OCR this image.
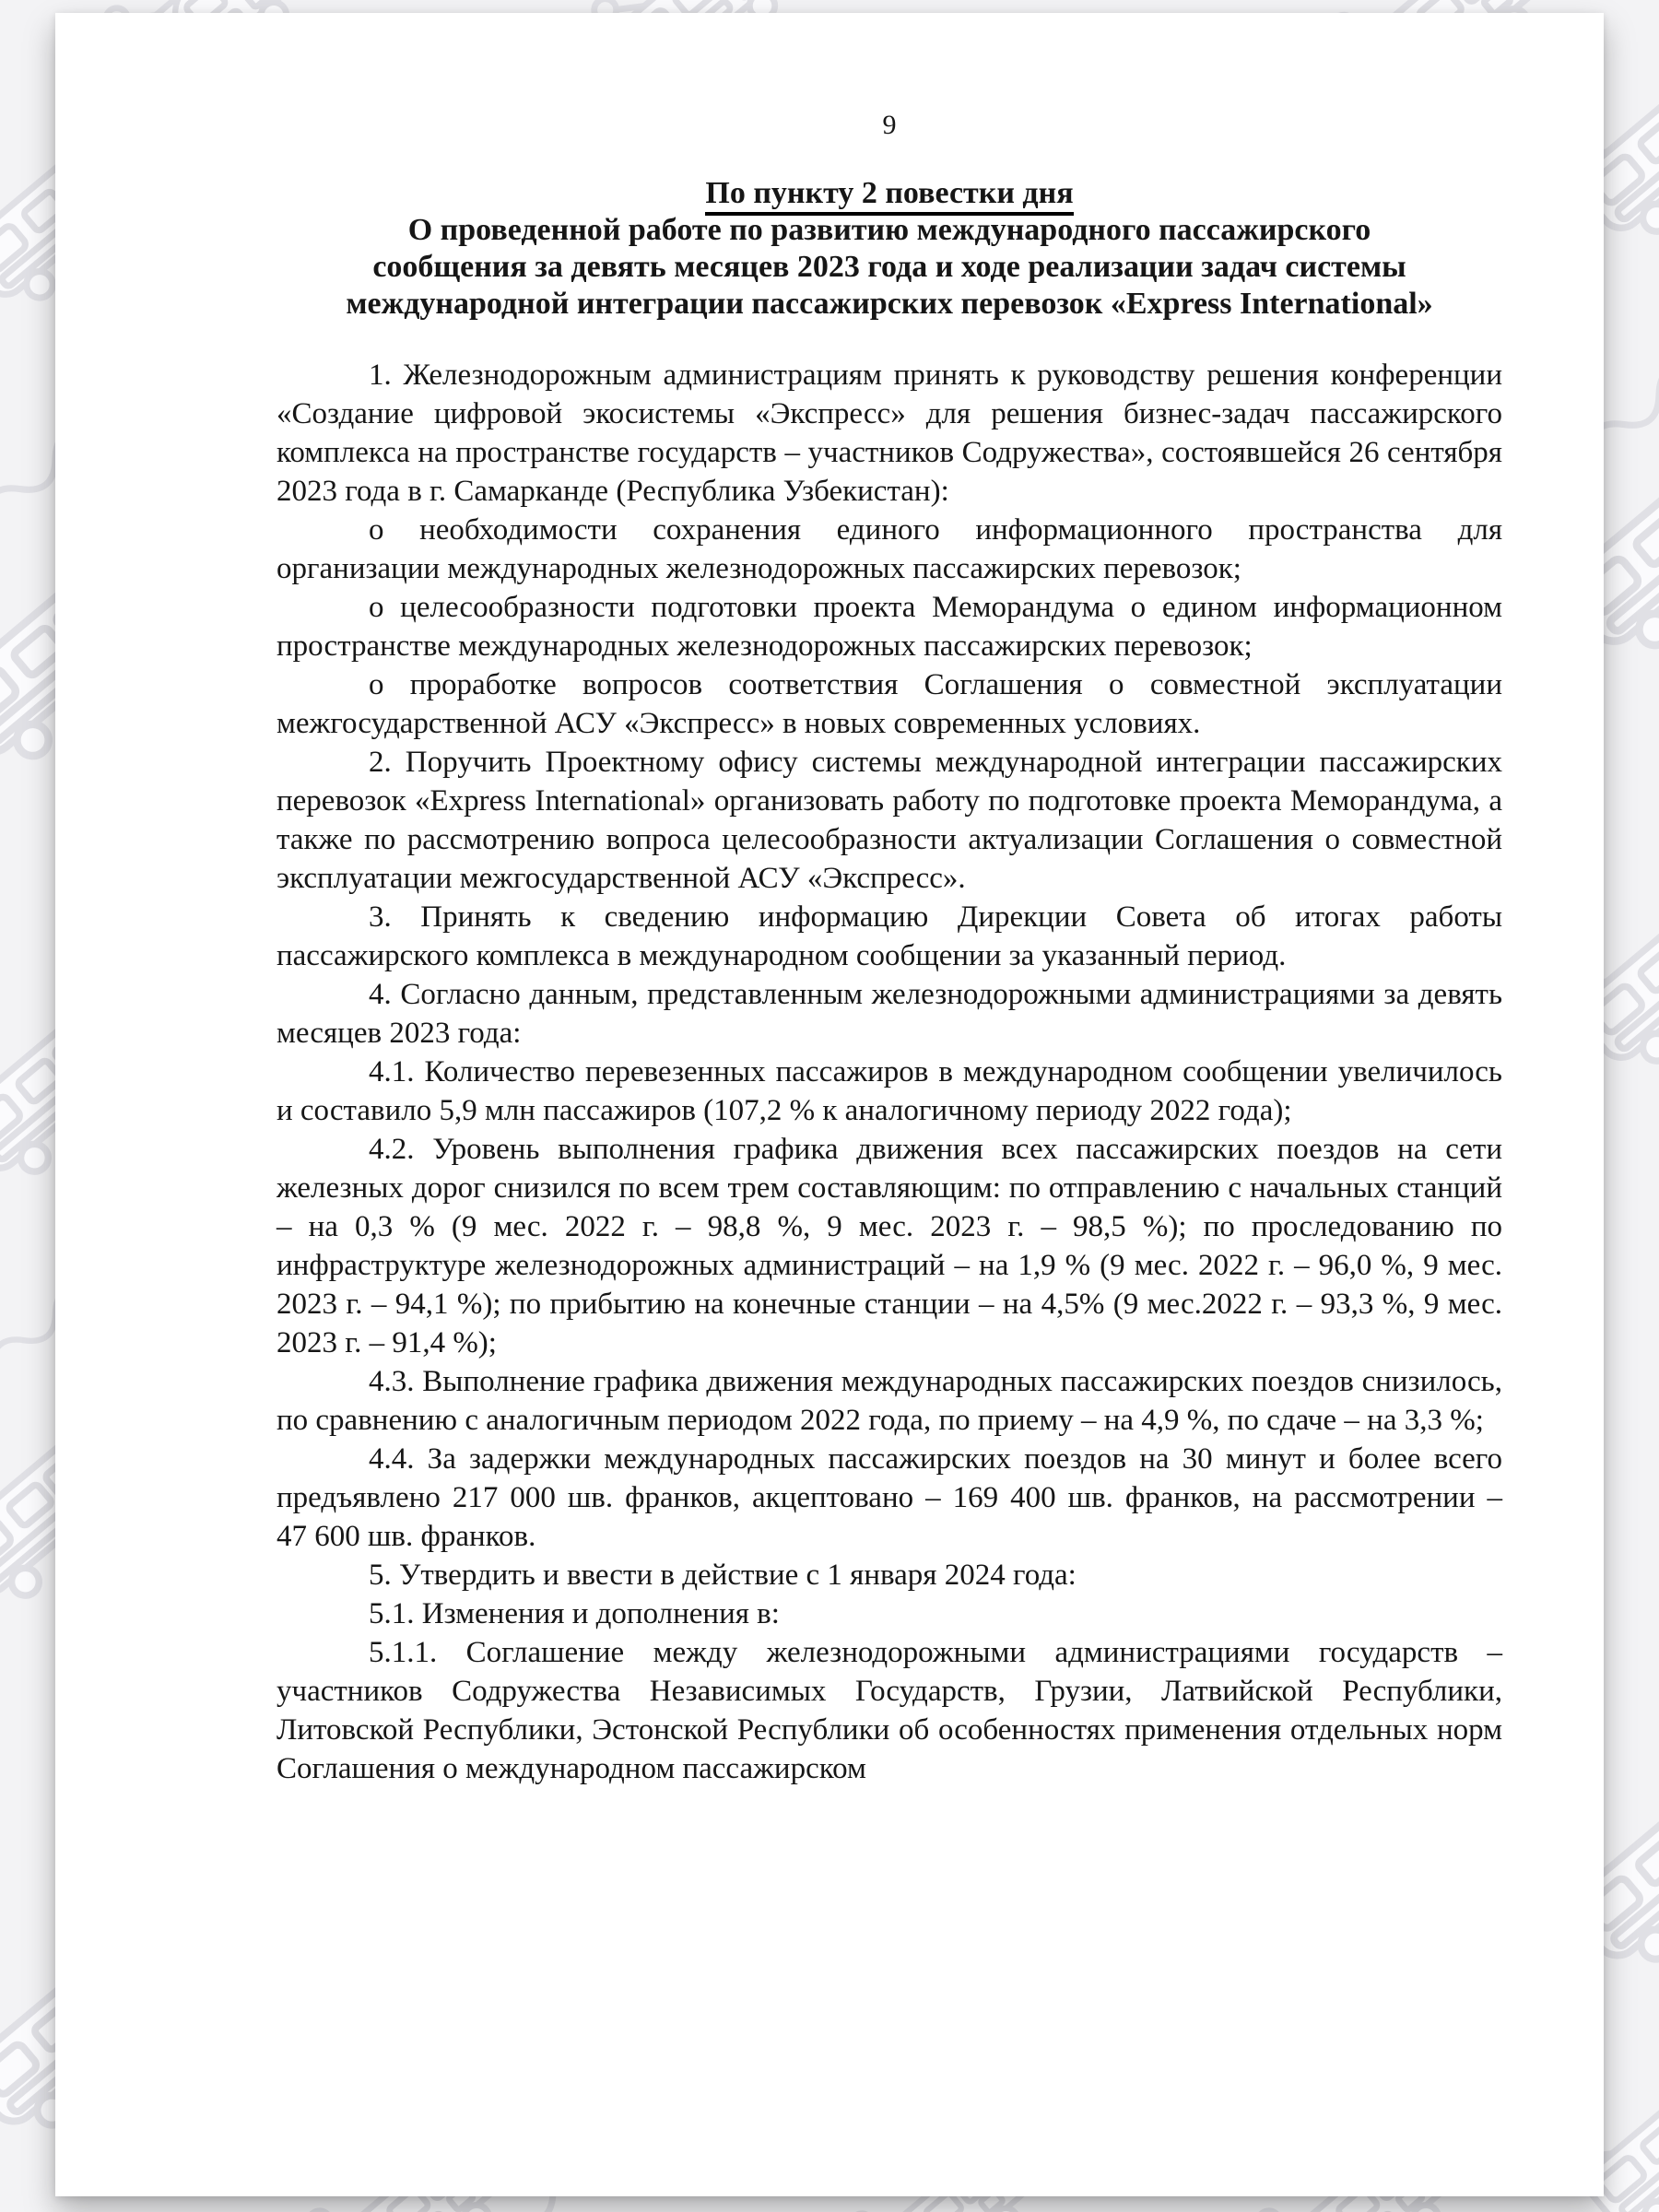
9
По пункту 2 повестки дня
О проведенной работе по развитию международного пассажирского
сообщения за девять месяцев 2023 года и ходе реализации задач системы
международной интеграции пассажирских перевозок «Express International»

1. Железнодорожным администрациям принять к руководству решения конференции «Создание цифровой экосистемы «Экспресс» для решения бизнес-задач пассажирского комплекса на пространстве государств – участников Содружества», состоявшейся 26 сентября 2023 года в г. Самарканде (Республика Узбекистан):

о необходимости сохранения единого информационного пространства для организации международных железнодорожных пассажирских перевозок;

о целесообразности подготовки проекта Меморандума о едином информационном пространстве международных железнодорожных пассажирских перевозок;

о проработке вопросов соответствия Соглашения о совместной эксплуатации межгосударственной АСУ «Экспресс» в новых современных условиях.

2. Поручить Проектному офису системы международной интеграции пассажирских перевозок «Express International» организовать работу по подготовке проекта Меморандума, а также по рассмотрению вопроса целесообразности актуализации Соглашения о совместной эксплуатации межгосударственной АСУ «Экспресс».

3. Принять к сведению информацию Дирекции Совета об итогах работы пассажирского комплекса в международном сообщении за указанный период.

4. Согласно данным, представленным железнодорожными администрациями за девять месяцев 2023 года:

4.1. Количество перевезенных пассажиров в международном сообщении увеличилось и составило 5,9 млн пассажиров (107,2 % к аналогичному периоду 2022 года);

4.2. Уровень выполнения графика движения всех пассажирских поездов на сети железных дорог снизился по всем трем составляющим: по отправлению с начальных станций – на 0,3 % (9 мес. 2022 г. – 98,8 %, 9 мес. 2023 г. – 98,5 %); по проследованию по инфраструктуре железнодорожных администраций – на 1,9 % (9 мес. 2022 г. – 96,0 %, 9 мес. 2023 г. – 94,1 %); по прибытию на конечные станции – на 4,5% (9 мес.2022 г. – 93,3 %, 9 мес. 2023 г. – 91,4 %);

4.3. Выполнение графика движения международных пассажирских поездов снизилось, по сравнению с аналогичным периодом 2022 года, по приему – на 4,9 %, по сдаче – на 3,3 %;

4.4. За задержки международных пассажирских поездов на 30 минут и более всего предъявлено 217 000 шв. франков, акцептовано – 169 400 шв. франков, на рассмотрении – 47 600 шв. франков.

5. Утвердить и ввести в действие с 1 января 2024 года:

5.1. Изменения и дополнения в:

5.1.1. Соглашение между железнодорожными администрациями государств – участников Содружества Независимых Государств, Грузии, Латвийской Республики, Литовской Республики, Эстонской Республики об особенностях применения отдельных норм Соглашения о международном пассажирском
